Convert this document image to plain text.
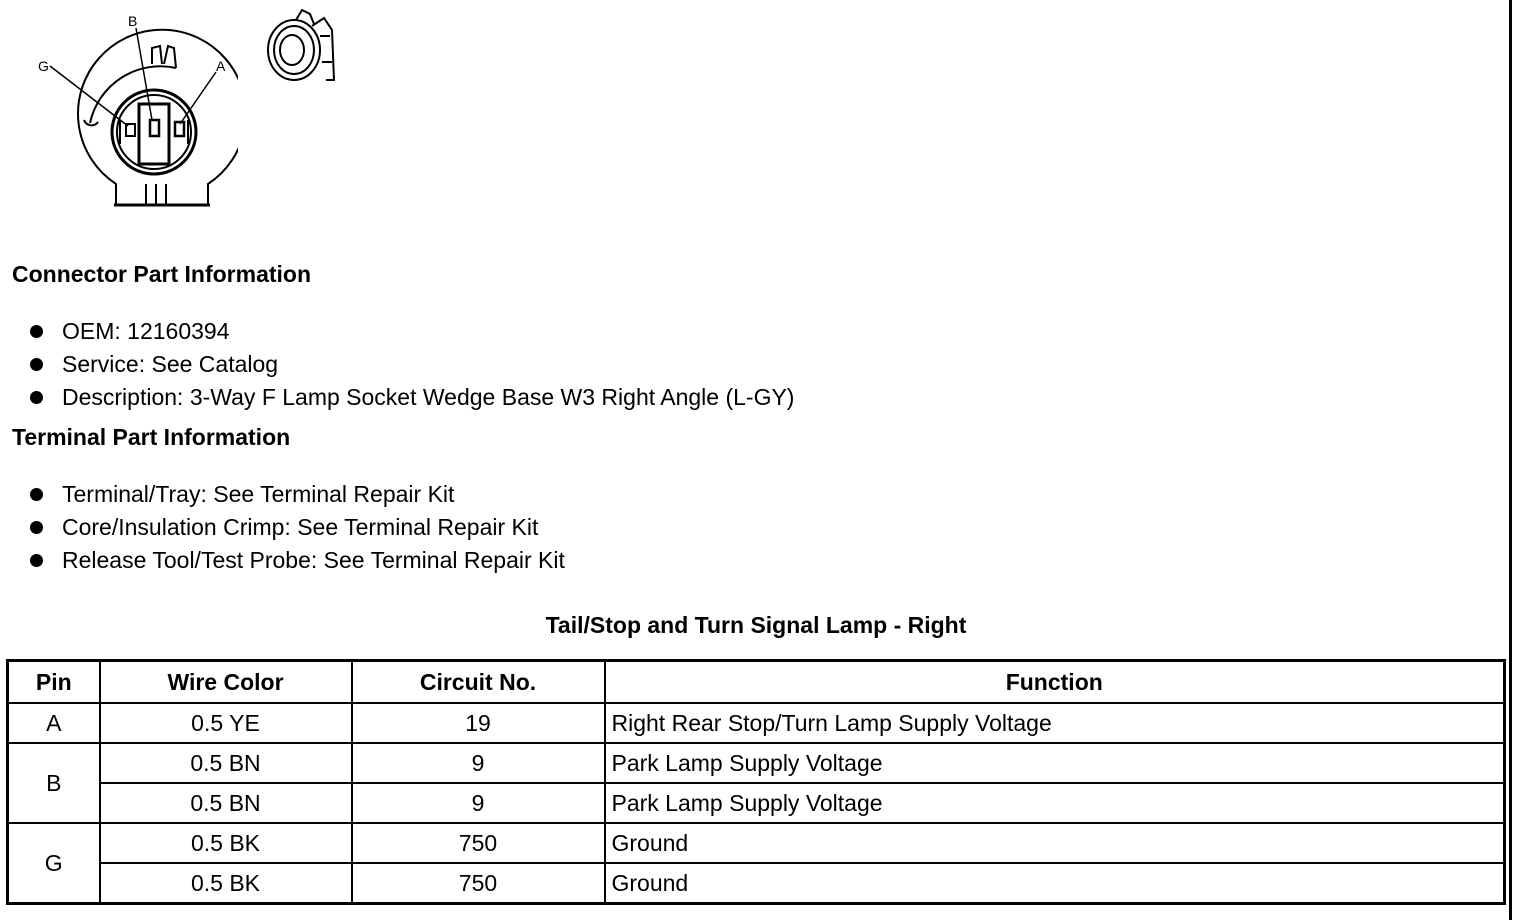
G
B
A
Connector Part Information
OEM: 12160394
Service: See Catalog
Description: 3-Way F Lamp Socket Wedge Base W3 Right Angle (L-GY)
Terminal Part Information
Terminal/Tray: See Terminal Repair Kit
Core/Insulation Crimp: See Terminal Repair Kit
Release Tool/Test Probe: See Terminal Repair Kit
Tail/Stop and Turn Signal Lamp - Right
Pin	Wire Color	Circuit No.	Function
A	0.5 YE	19	Right Rear Stop/Turn Lamp Supply Voltage
B	0.5 BN	9	Park Lamp Supply Voltage
	0.5 BN	9	Park Lamp Supply Voltage
G	0.5 BK	750	Ground
	0.5 BK	750	Ground
